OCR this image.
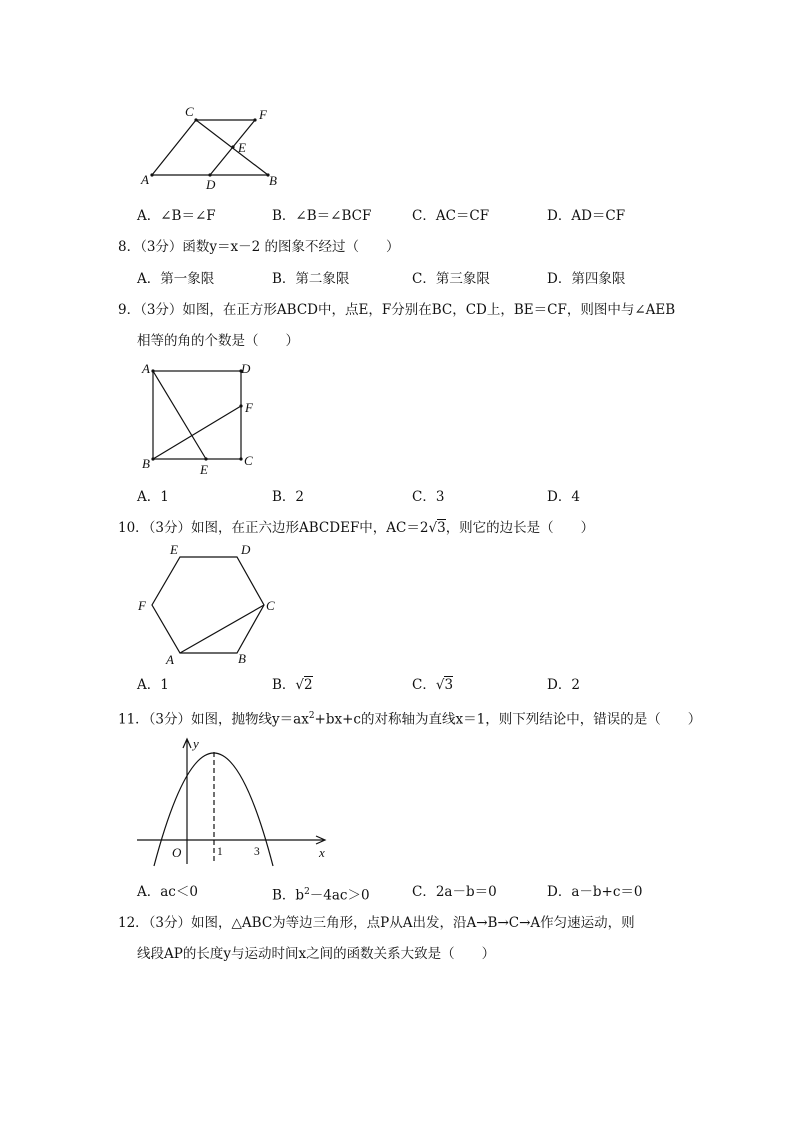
C	F
E
A	D	B
A．∠B＝∠F	B．∠B＝∠BCF	C．AC＝CF	D．AD＝CF
8．（3分）函数y＝x－2 的图象不经过（　　）
A．第一象限	B．第二象限	C．第三象限	D．第四象限
9．（3分）如图，在正方形ABCD中，点E，F分别在BC，CD上，BE＝CF，则图中与∠AEB
相等的角的个数是（　　）
A	D
F
B	C
E
A．1	B．2	C．3	D．4
10．（3分）如图，在正六边形ABCDEF中，AC＝2√3，则它的边长是（　　）
E	D
F	C
A	B
A．1	B．√2	C．√3	D．2
11．（3分）如图，抛物线$y=ax^2+bx+c$的对称轴为直线x＝1，则下列结论中，错误的是（　　）
y
x
O	1	3
A．ac＜0	B．$b^2-4ac>0$	C．2a－b＝0	D．a－b+c＝0
12．（3分）如图，△ABC为等边三角形，点P从A出发，沿A→B→C→A作匀速运动，则
线段AP的长度y与运动时间x之间的函数关系大致是（　　）
